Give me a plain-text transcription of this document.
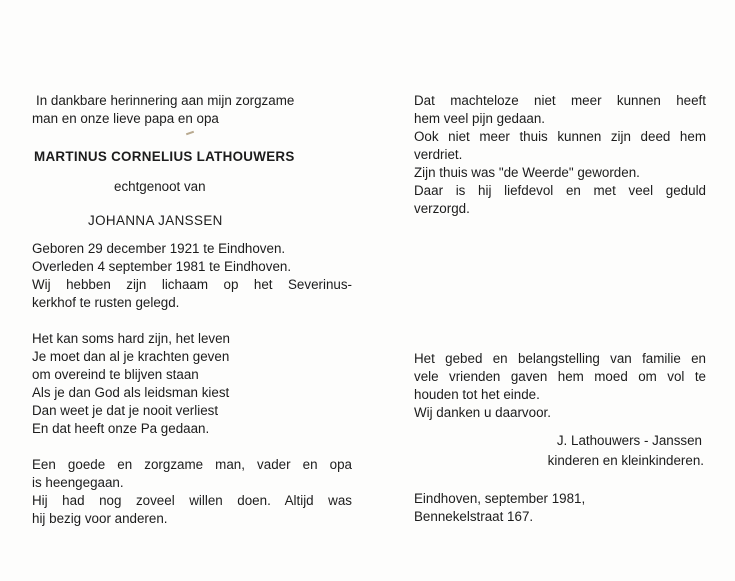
In dankbare herinnering aan mijn zorgzame
man en onze lieve papa en opa
MARTINUS CORNELIUS LATHOUWERS
echtgenoot van
JOHANNA JANSSEN
Geboren 29 december 1921 te Eindhoven.
Overleden 4 september 1981 te Eindhoven.
Wij hebben zijn lichaam op het Severinus-
kerkhof te rusten gelegd.
Het kan soms hard zijn, het leven
Je moet dan al je krachten geven
om overeind te blijven staan
Als je dan God als leidsman kiest
Dan weet je dat je nooit verliest
En dat heeft onze Pa gedaan.
Een goede en zorgzame man, vader en opa
is heengegaan.
Hij had nog zoveel willen doen. Altijd was
hij bezig voor anderen.
Dat machteloze niet meer kunnen heeft
hem veel pijn gedaan.
Ook niet meer thuis kunnen zijn deed hem
verdriet.
Zijn thuis was "de Weerde" geworden.
Daar is hij liefdevol en met veel geduld
verzorgd.
Het gebed en belangstelling van familie en
vele vrienden gaven hem moed om vol te
houden tot het einde.
Wij danken u daarvoor.
J. Lathouwers - Janssen
kinderen en kleinkinderen.
Eindhoven, september 1981,
Bennekelstraat 167.
